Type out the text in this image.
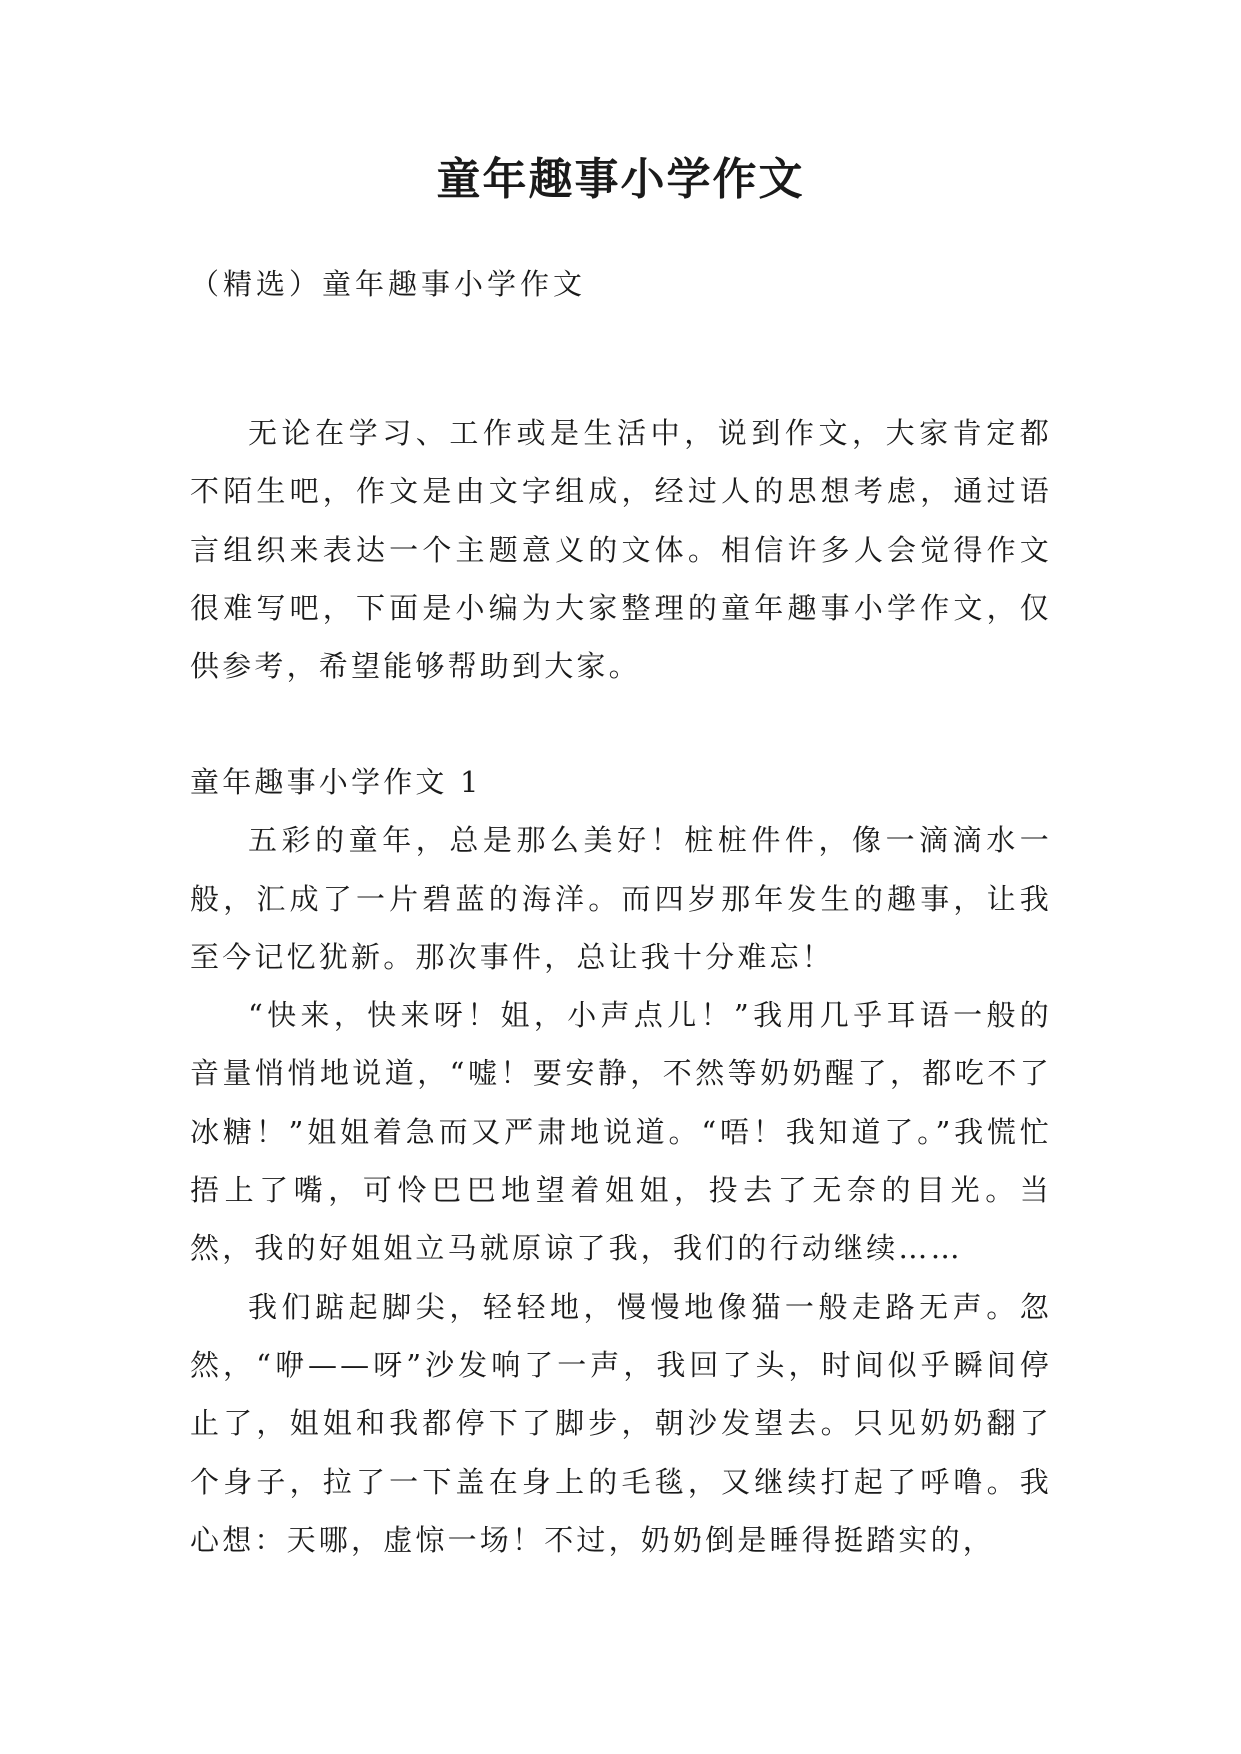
童年趣事小学作文

（精选）童年趣事小学作文

无论在学习、工作或是生活中，说到作文，大家肯定都不陌生吧，作文是由文字组成，经过人的思想考虑，通过语言组织来表达一个主题意义的文体。相信许多人会觉得作文很难写吧，下面是小编为大家整理的童年趣事小学作文，仅供参考，希望能够帮助到大家。

童年趣事小学作文 1

五彩的童年，总是那么美好！桩桩件件，像一滴滴水一般，汇成了一片碧蓝的海洋。而四岁那年发生的趣事，让我至今记忆犹新。那次事件，总让我十分难忘！

“快来，快来呀！姐，小声点儿！”我用几乎耳语一般的音量悄悄地说道，“嘘！要安静，不然等奶奶醒了，都吃不了冰糖！”姐姐着急而又严肃地说道。“唔！我知道了。”我慌忙捂上了嘴，可怜巴巴地望着姐姐，投去了无奈的目光。当然，我的好姐姐立马就原谅了我，我们的行动继续……

我们踮起脚尖，轻轻地，慢慢地像猫一般走路无声。忽然，“咿——呀”沙发响了一声，我回了头，时间似乎瞬间停止了，姐姐和我都停下了脚步，朝沙发望去。只见奶奶翻了个身子，拉了一下盖在身上的毛毯，又继续打起了呼噜。我心想：天哪，虚惊一场！不过，奶奶倒是睡得挺踏实的，
